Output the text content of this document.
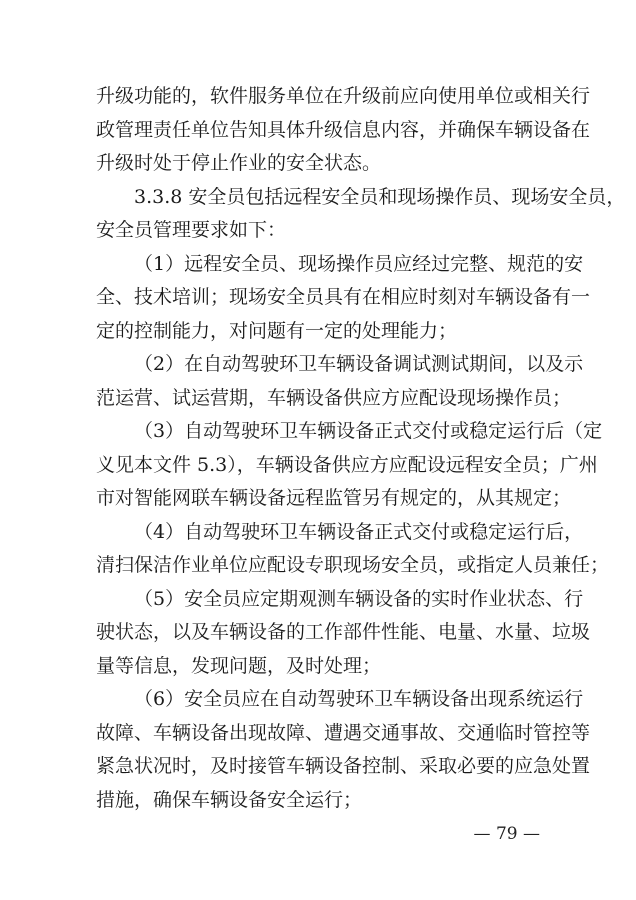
升级功能的，软件服务单位在升级前应向使用单位或相关行
政管理责任单位告知具体升级信息内容，并确保车辆设备在
升级时处于停止作业的安全状态。
3.3.8 安全员包括远程安全员和现场操作员、现场安全员，
安全员管理要求如下：
（1）远程安全员、现场操作员应经过完整、规范的安
全、技术培训；现场安全员具有在相应时刻对车辆设备有一
定的控制能力，对问题有一定的处理能力；
（2）在自动驾驶环卫车辆设备调试测试期间，以及示
范运营、试运营期，车辆设备供应方应配设现场操作员；
（3）自动驾驶环卫车辆设备正式交付或稳定运行后（定
义见本文件 5.3），车辆设备供应方应配设远程安全员；广州
市对智能网联车辆设备远程监管另有规定的，从其规定；
（4）自动驾驶环卫车辆设备正式交付或稳定运行后，
清扫保洁作业单位应配设专职现场安全员，或指定人员兼任；
（5）安全员应定期观测车辆设备的实时作业状态、行
驶状态，以及车辆设备的工作部件性能、电量、水量、垃圾
量等信息，发现问题，及时处理；
（6）安全员应在自动驾驶环卫车辆设备出现系统运行
故障、车辆设备出现故障、遭遇交通事故、交通临时管控等
紧急状况时，及时接管车辆设备控制、采取必要的应急处置
措施，确保车辆设备安全运行；
— 79 —
